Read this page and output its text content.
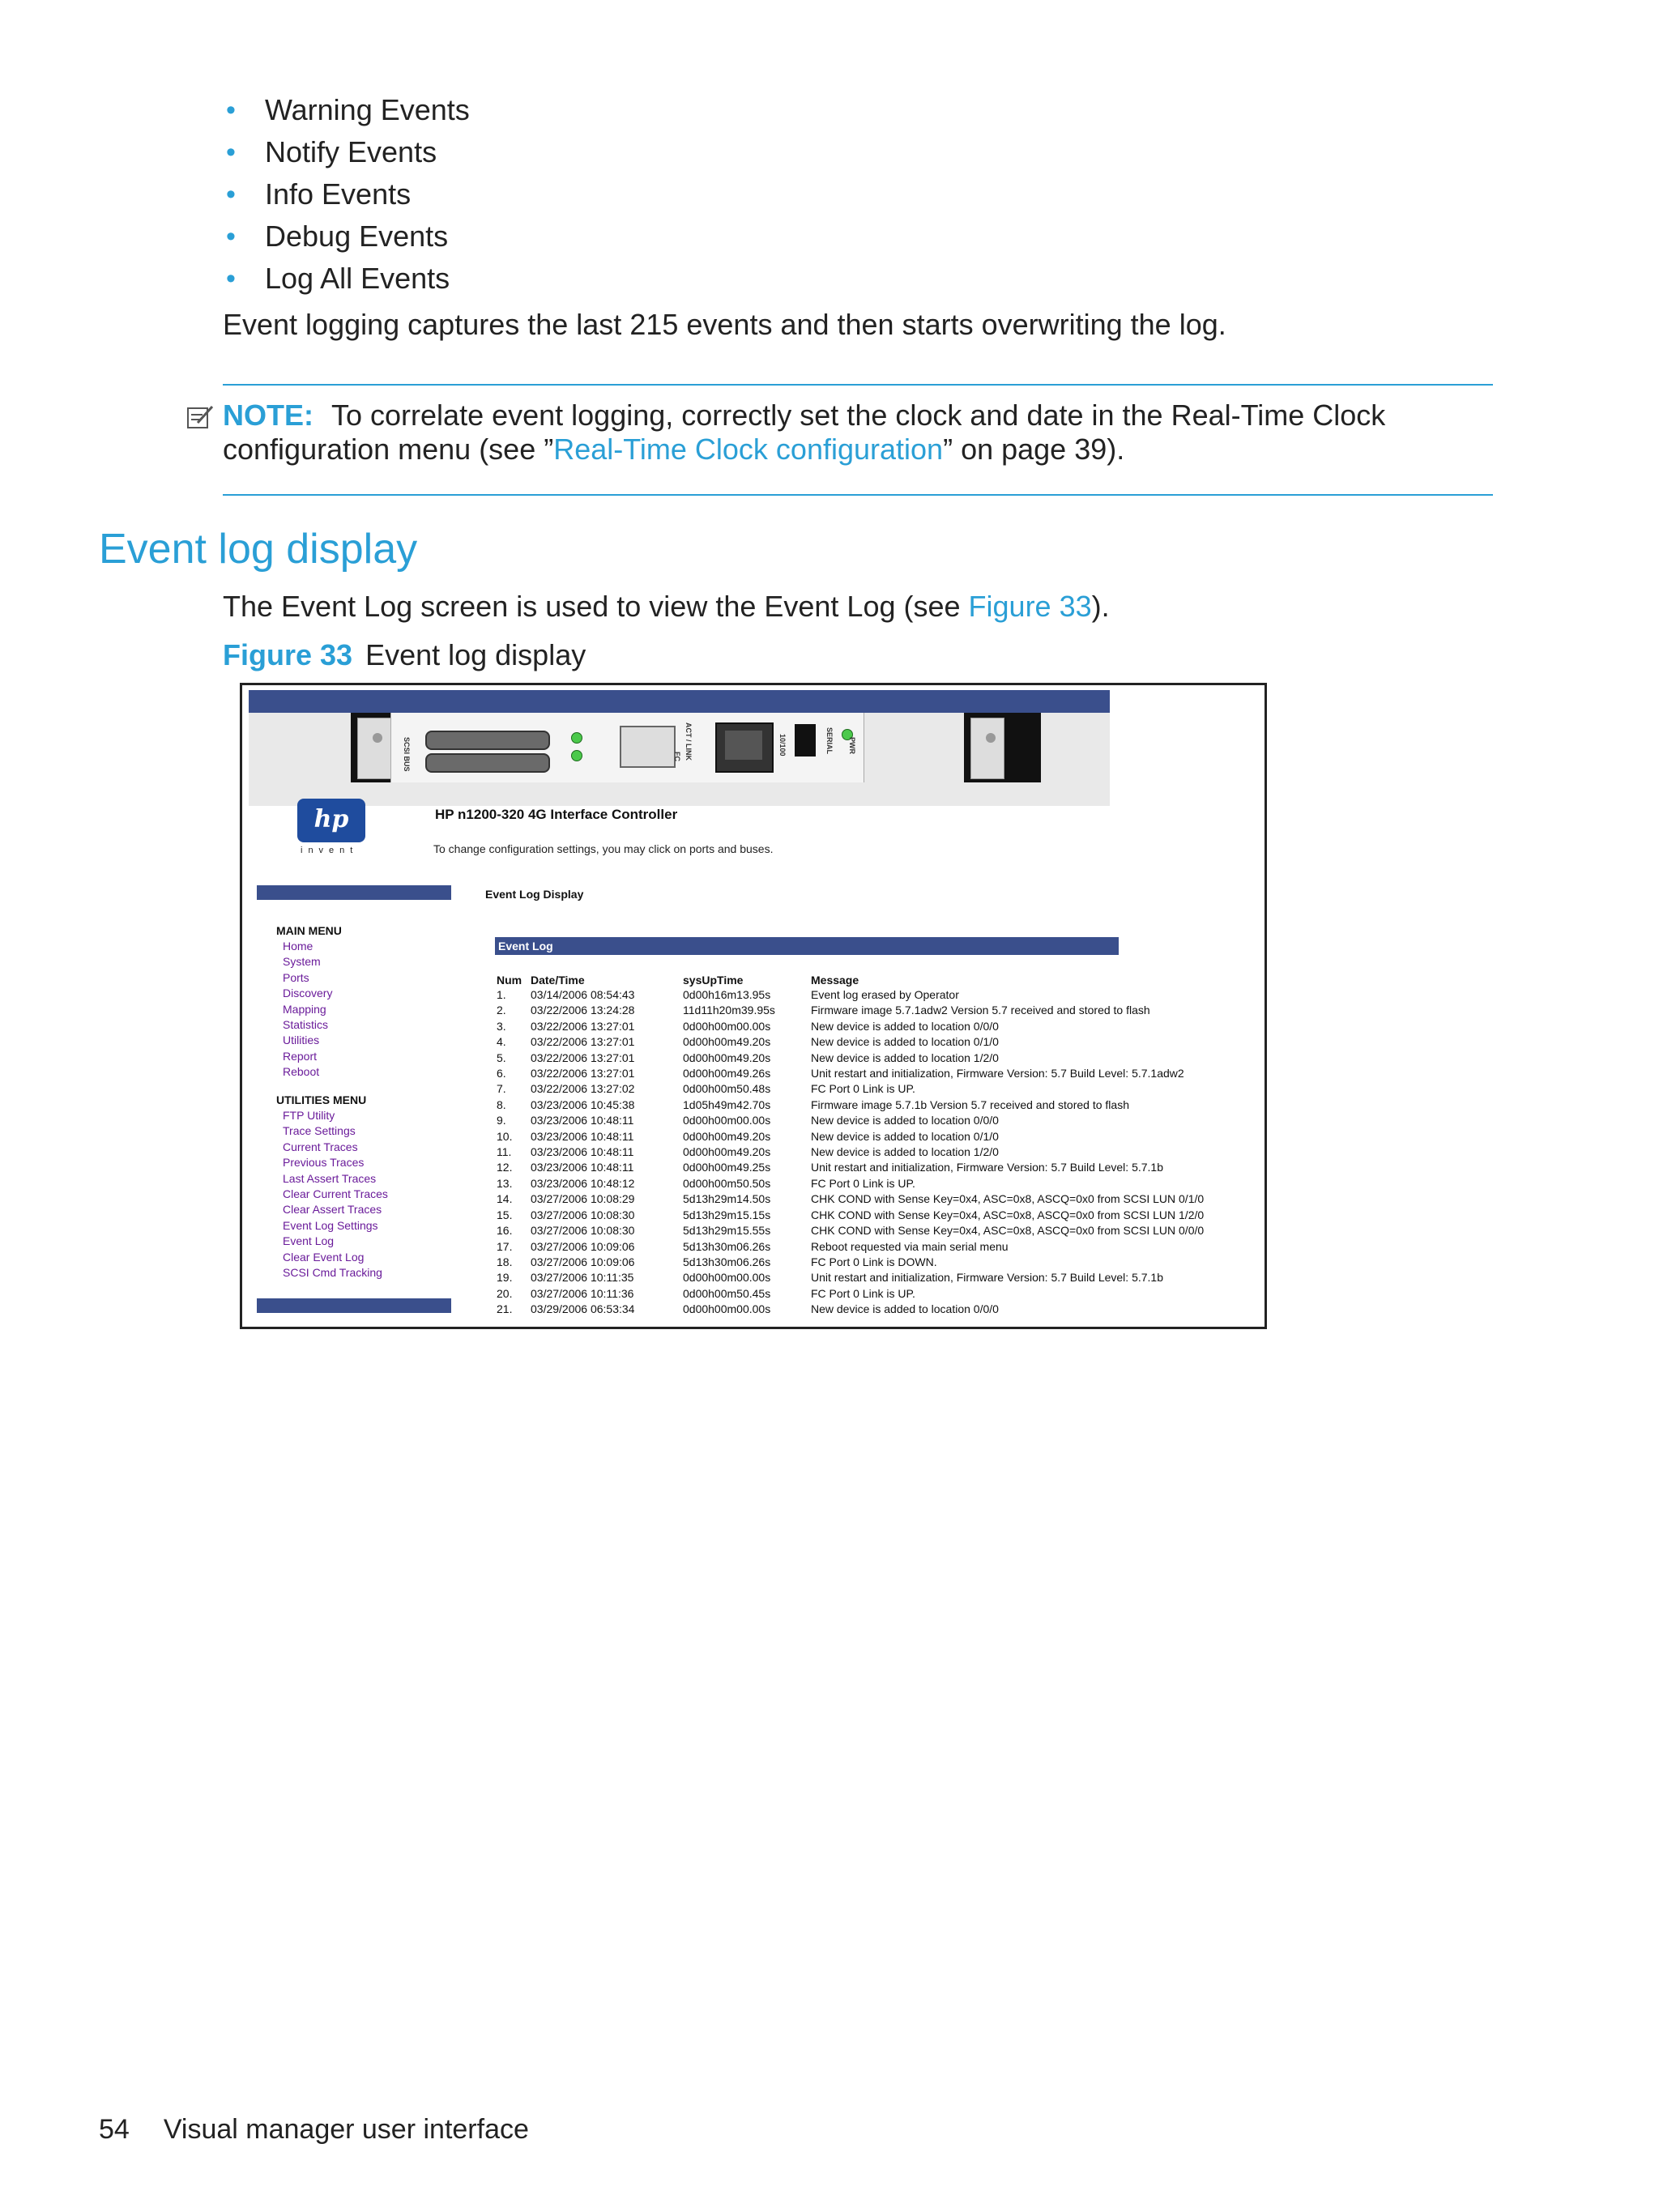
• Warning Events
• Notify Events
• Info Events
• Debug Events
• Log All Events
Event logging captures the last 215 events and then starts overwriting the log.
NOTE: To correlate event logging, correctly set the clock and date in the Real-Time Clock configuration menu (see ”Real-Time Clock configuration” on page 39).
Event log display
The Event Log screen is used to view the Event Log (see Figure 33).
Figure 33 Event log display
SCSI BUS	ACT / LINK
FC
10/100	SERIAL PWR
hp
invent
HP n1200-320 4G Interface Controller
To change configuration settings, you may click on ports and buses.
Event Log Display
MAIN MENU
Home
System
Ports
Discovery
Mapping
Statistics
Utilities
Report
Reboot
UTILITIES MENU
FTP Utility
Trace Settings
Current Traces
Previous Traces
Last Assert Traces
Clear Current Traces
Clear Assert Traces
Event Log Settings
Event Log
Clear Event Log
SCSI Cmd Tracking
Event Log
Num	Date/Time	sysUpTime	Message
1.	03/14/2006 08:54:43	0d00h16m13.95s	Event log erased by Operator
2.	03/22/2006 13:24:28	11d11h20m39.95s	Firmware image 5.7.1adw2 Version 5.7 received and stored to flash
3.	03/22/2006 13:27:01	0d00h00m00.00s	New device is added to location 0/0/0
4.	03/22/2006 13:27:01	0d00h00m49.20s	New device is added to location 0/1/0
5.	03/22/2006 13:27:01	0d00h00m49.20s	New device is added to location 1/2/0
6.	03/22/2006 13:27:01	0d00h00m49.26s	Unit restart and initialization, Firmware Version: 5.7 Build Level: 5.7.1adw2
7.	03/22/2006 13:27:02	0d00h00m50.48s	FC Port 0 Link is UP.
8.	03/23/2006 10:45:38	1d05h49m42.70s	Firmware image 5.7.1b Version 5.7 received and stored to flash
9.	03/23/2006 10:48:11	0d00h00m00.00s	New device is added to location 0/0/0
10.	03/23/2006 10:48:11	0d00h00m49.20s	New device is added to location 0/1/0
11.	03/23/2006 10:48:11	0d00h00m49.20s	New device is added to location 1/2/0
12.	03/23/2006 10:48:11	0d00h00m49.25s	Unit restart and initialization, Firmware Version: 5.7 Build Level: 5.7.1b
13.	03/23/2006 10:48:12	0d00h00m50.50s	FC Port 0 Link is UP.
14.	03/27/2006 10:08:29	5d13h29m14.50s	CHK COND with Sense Key=0x4, ASC=0x8, ASCQ=0x0 from SCSI LUN 0/1/0
15.	03/27/2006 10:08:30	5d13h29m15.15s	CHK COND with Sense Key=0x4, ASC=0x8, ASCQ=0x0 from SCSI LUN 1/2/0
16.	03/27/2006 10:08:30	5d13h29m15.55s	CHK COND with Sense Key=0x4, ASC=0x8, ASCQ=0x0 from SCSI LUN 0/0/0
17.	03/27/2006 10:09:06	5d13h30m06.26s	Reboot requested via main serial menu
18.	03/27/2006 10:09:06	5d13h30m06.26s	FC Port 0 Link is DOWN.
19.	03/27/2006 10:11:35	0d00h00m00.00s	Unit restart and initialization, Firmware Version: 5.7 Build Level: 5.7.1b
20.	03/27/2006 10:11:36	0d00h00m50.45s	FC Port 0 Link is UP.
21.	03/29/2006 06:53:34	0d00h00m00.00s	New device is added to location 0/0/0
54 Visual manager user interface
